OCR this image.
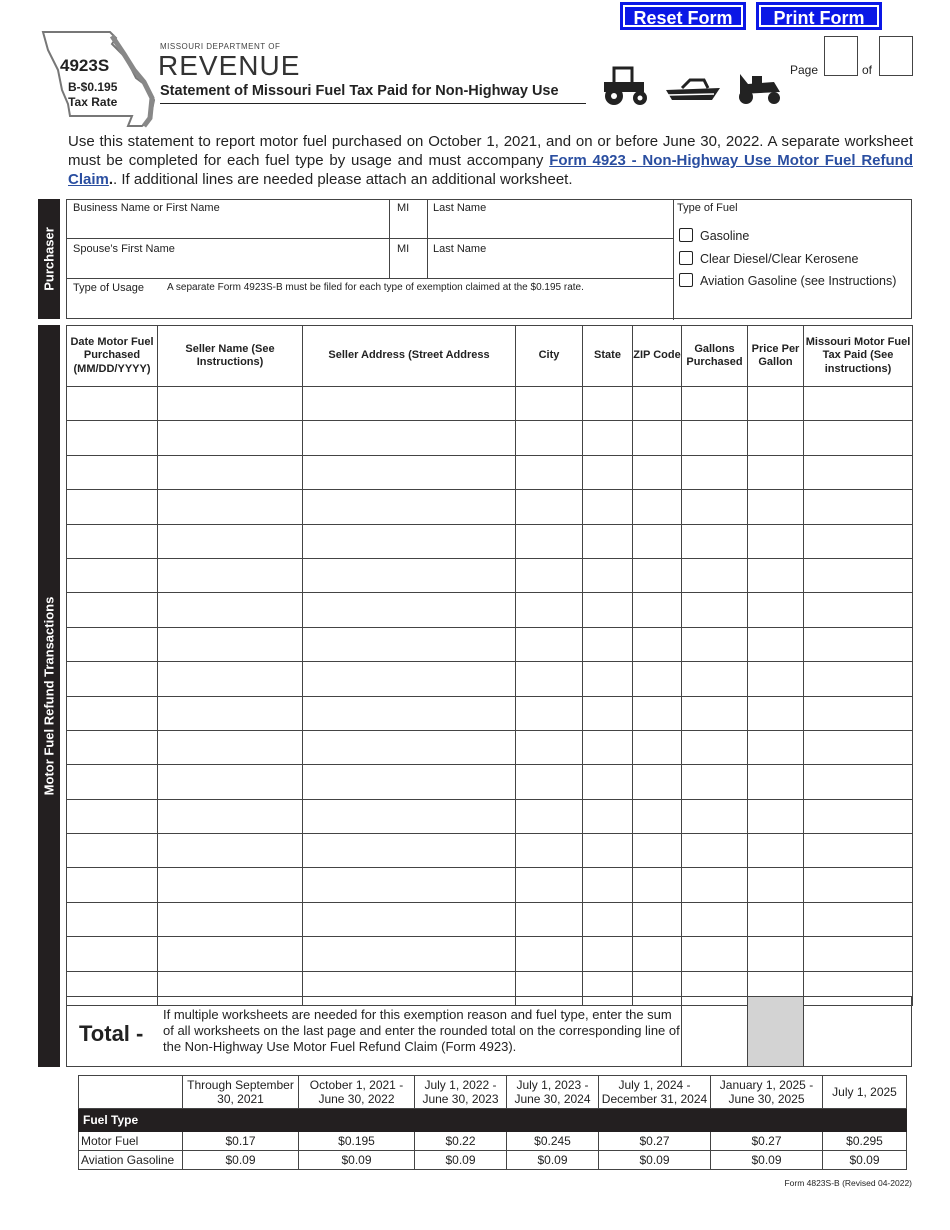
Reset Form	Print Form
4923S
B-$0.195
Tax Rate
MISSOURI DEPARTMENT OF
REVENUE
Statement of Missouri Fuel Tax Paid for Non-Highway Use
Page	of
Use this statement to report motor fuel purchased on October 1, 2021, and on or before June 30, 2022. A separate worksheet must be completed for each fuel type by usage and must accompany Form 4923 - Non-Highway Use Motor Fuel Refund Claim.. If additional lines are needed please attach an additional worksheet.
Purchaser
Business Name or First Name	MI Last Name
Spouse’s First Name	MI Last Name
Type of Usage A separate Form 4923S-B must be filed for each type of exemption claimed at the $0.195 rate.
Type of Fuel
Gasoline
Clear Diesel/Clear Kerosene
Aviation Gasoline (see Instructions)
Motor Fuel Refund Transactions
Date Motor Fuel Purchased (MM/DD/YYYY)	Seller Name (See Instructions)	Seller Address (Street Address	City	State	ZIP Code	Gallons Purchased	Price Per Gallon	Missouri Motor Fuel Tax Paid (See instructions)

Total -
If multiple worksheets are needed for this exemption reason and fuel type, enter the sum of all worksheets on the last page and enter the rounded total on the corresponding line of the Non-Highway Use Motor Fuel Refund Claim (Form 4923).
	Through September 30, 2021	October 1, 2021 - June 30, 2022	July 1, 2022 - June 30, 2023	July 1, 2023 - June 30, 2024	July 1, 2024 - December 31, 2024	January 1, 2025 - June 30, 2025	July 1, 2025
Fuel Type							
Motor Fuel	$0.17	$0.195	$0.22	$0.245	$0.27	$0.27	$0.295
Aviation Gasoline	$0.09	$0.09	$0.09	$0.09	$0.09	$0.09	$0.09
Form 4823S-B (Revised 04-2022)
